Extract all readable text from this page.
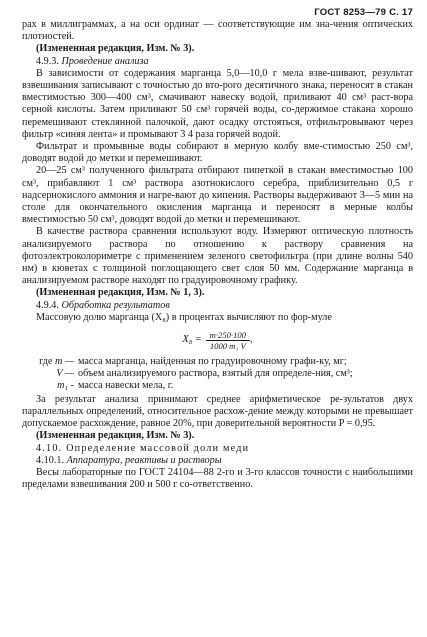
ГОСТ 8253—79 С. 17

рах в миллиграммах, а на оси ординат — соответствующие им зна-чения оптических плотностей.

(Измененная редакция, Изм. № 3).

4.9.3. Проведение анализа

В зависимости от содержания марганца 5,0—10,0 г мела взве-шивают, результат взвешивания записывают с точностью до вто-рого десятичного знака, переносят в стакан вместимостью 300—400 см³, смачивают навеску водой, приливают 40 см³ раст-вора серной кислоты. Затем приливают 50 см³ горячей воды, со-держимое стакана хорошо перемешивают стеклянной палочкой, дают осадку отстояться, отфильтровывают через фильтр «синяя лента» и промывают 3 4 раза горячей водой.

Фильтрат и промывные воды собирают в мерную колбу вме-стимостью 250 см³, доводят водой до метки и перемешивают.

20—25 см³ полученного фильтрата отбирают пипеткой в стакан вместимостью 100 см³, прибавляют 1 см³ раствора азотнокислого серебра, приблизительно 0,5 г надсернокислого аммония и нагре-вают до кипения. Растворы выдерживают 3—5 мин на столе для окончательного окисления марганца и переносят в мерные колбы вместимостью 50 см³, доводят водой до метки и перемешивают.

В качестве раствора сравнения используют воду. Измеряют оптическую плотность анализируемого раствора по отношению к раствору сравнения на фотоэлектроколориметре с применением зеленого светофильтра (при длине волны 540 нм) в кюветах с толщиной поглощающего свет слоя 50 мм. Содержание марганца в анализируемом растворе находят по градуировочному графику.

(Измененная редакция, Изм. № 1, 3).

4.9.4. Обработка результатов

Массовую долю марганца (X₈) в процентах вычисляют по фор-муле

$X_8 = \frac{m\cdot 250\cdot 100}{\text{1000 m₁ V}}$ ,
где m — масса марганца, найденная по градуировочному графи-ку, мг;
V — объем анализируемого раствора, взятый для определе-ния, см³;
m₁ - масса навески мела, г.

За результат анализа принимают среднее арифметическое ре-зультатов двух параллельных определений, относительное расхож-дение между которыми не превышает допускаемое расхождение, равное 20%, при доверительной вероятности P = 0,95.

(Измененная редакция, Изм. № 3).

4.10. Определение массовой доли меди

4.10.1. Аппаратура, реактивы и растворы

Весы лабораторные по ГОСТ 24104—88 2-го и 3-го классов точности с наибольшими пределами взвешивания 200 и 500 г со-ответственно.
